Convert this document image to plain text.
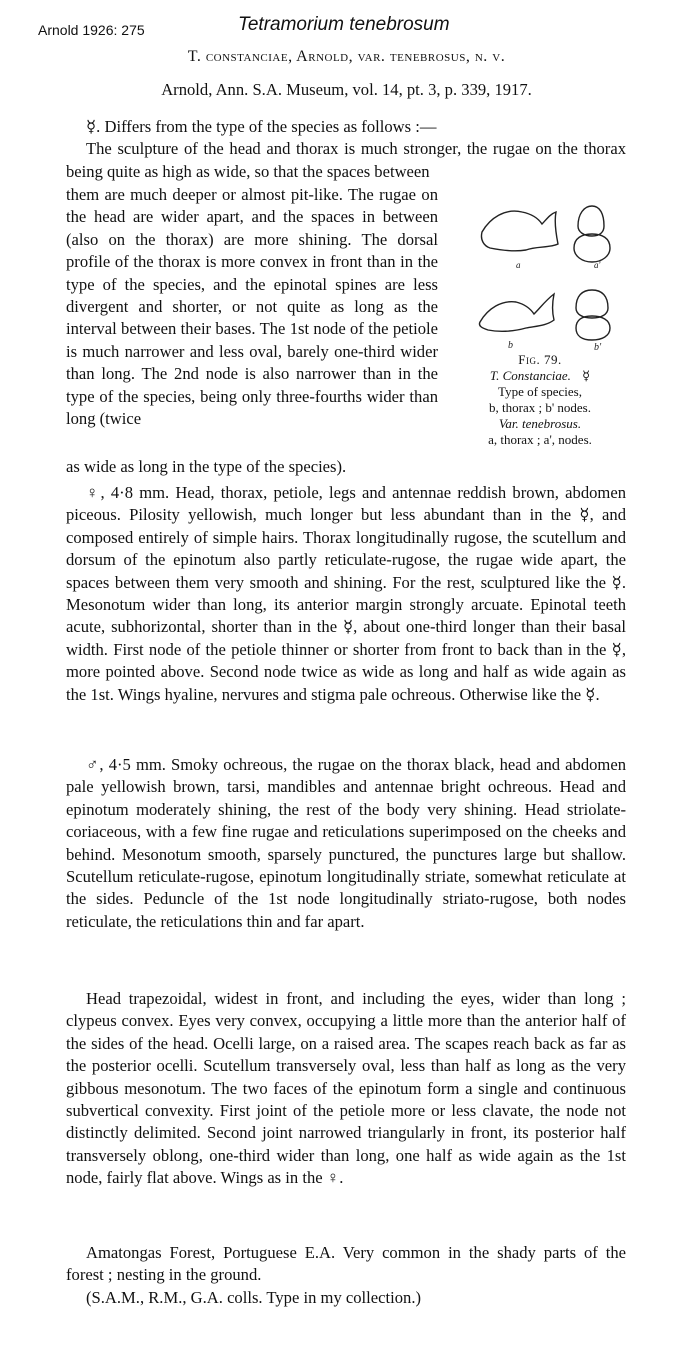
Arnold 1926: 275	Tetramorium tenebrosum
T. constanciae, Arnold, var. tenebrosus, n. v.
Arnold, Ann. S.A. Museum, vol. 14, pt. 3, p. 339, 1917.

☿. Differs from the type of the species as follows :—

The sculpture of the head and thorax is much stronger, the rugae on the thorax being quite as high as wide, so that the spaces between

them are much deeper or almost pit-like. The rugae on the head are wider apart, and the spaces in between (also on the thorax) are more shining. The dorsal profile of the thorax is more convex in front than in the type of the species, and the epinotal spines are less divergent and shorter, or not quite as long as the interval between their bases. The 1st node of the petiole is much narrower and less oval, barely one-third wider than long. The 2nd node is also narrower than in the type of the species, being only three-fourths wider than long (twice

as wide as long in the type of the species).
a	a'
b	b'
Fig. 79.
T. Constanciae. ☿
Type of species,
b, thorax ; b' nodes.
Var. tenebrosus.
a, thorax ; a', nodes.

♀, 4·8 mm. Head, thorax, petiole, legs and antennae reddish brown, abdomen piceous. Pilosity yellowish, much longer but less abundant than in the ☿, and composed entirely of simple hairs. Thorax longitudinally rugose, the scutellum and dorsum of the epinotum also partly reticulate-rugose, the rugae wide apart, the spaces between them very smooth and shining. For the rest, sculptured like the ☿. Mesonotum wider than long, its anterior margin strongly arcuate. Epinotal teeth acute, subhorizontal, shorter than in the ☿, about one-third longer than their basal width. First node of the petiole thinner or shorter from front to back than in the ☿, more pointed above. Second node twice as wide as long and half as wide again as the 1st. Wings hyaline, nervures and stigma pale ochreous. Otherwise like the ☿.

♂, 4·5 mm. Smoky ochreous, the rugae on the thorax black, head and abdomen pale yellowish brown, tarsi, mandibles and antennae bright ochreous. Head and epinotum moderately shining, the rest of the body very shining. Head striolate-coriaceous, with a few fine rugae and reticulations superimposed on the cheeks and behind. Mesonotum smooth, sparsely punctured, the punctures large but shallow. Scutellum reticulate-rugose, epinotum longitudinally striate, somewhat reticulate at the sides. Peduncle of the 1st node longitudinally striato-rugose, both nodes reticulate, the reticulations thin and far apart.

Head trapezoidal, widest in front, and including the eyes, wider than long ; clypeus convex. Eyes very convex, occupying a little more than the anterior half of the sides of the head. Ocelli large, on a raised area. The scapes reach back as far as the posterior ocelli. Scutellum transversely oval, less than half as long as the very gibbous mesonotum. The two faces of the epinotum form a single and continuous subvertical convexity. First joint of the petiole more or less clavate, the node not distinctly delimited. Second joint narrowed triangularly in front, its posterior half transversely oblong, one-third wider than long, one half as wide again as the 1st node, fairly flat above. Wings as in the ♀.

Amatongas Forest, Portuguese E.A. Very common in the shady parts of the forest ; nesting in the ground.

(S.A.M., R.M., G.A. colls. Type in my collection.)
